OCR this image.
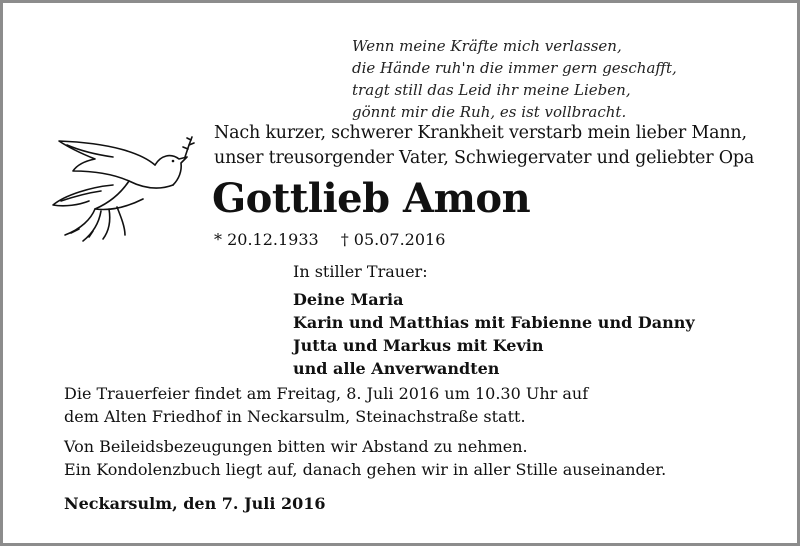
Wenn meine Kräfte mich verlassen,
die Hände ruh'n die immer gern geschafft,
tragt still das Leid ihr meine Lieben,
gönnt mir die Ruh, es ist vollbracht.
Nach kurzer, schwerer Krankheit verstarb mein lieber Mann,
unser treusorgender Vater, Schwiegervater und geliebter Opa
Gottlieb Amon
* 20.12.1933 † 05.07.2016
In stiller Trauer:
Deine Maria
Karin und Matthias mit Fabienne und Danny
Jutta und Markus mit Kevin
und alle Anverwandten
Die Trauerfeier findet am Freitag, 8. Juli 2016 um 10.30 Uhr auf
dem Alten Friedhof in Neckarsulm, Steinachstraße statt.
Von Beileidsbezeugungen bitten wir Abstand zu nehmen.
Ein Kondolenzbuch liegt auf, danach gehen wir in aller Stille auseinander.
Neckarsulm, den 7. Juli 2016
